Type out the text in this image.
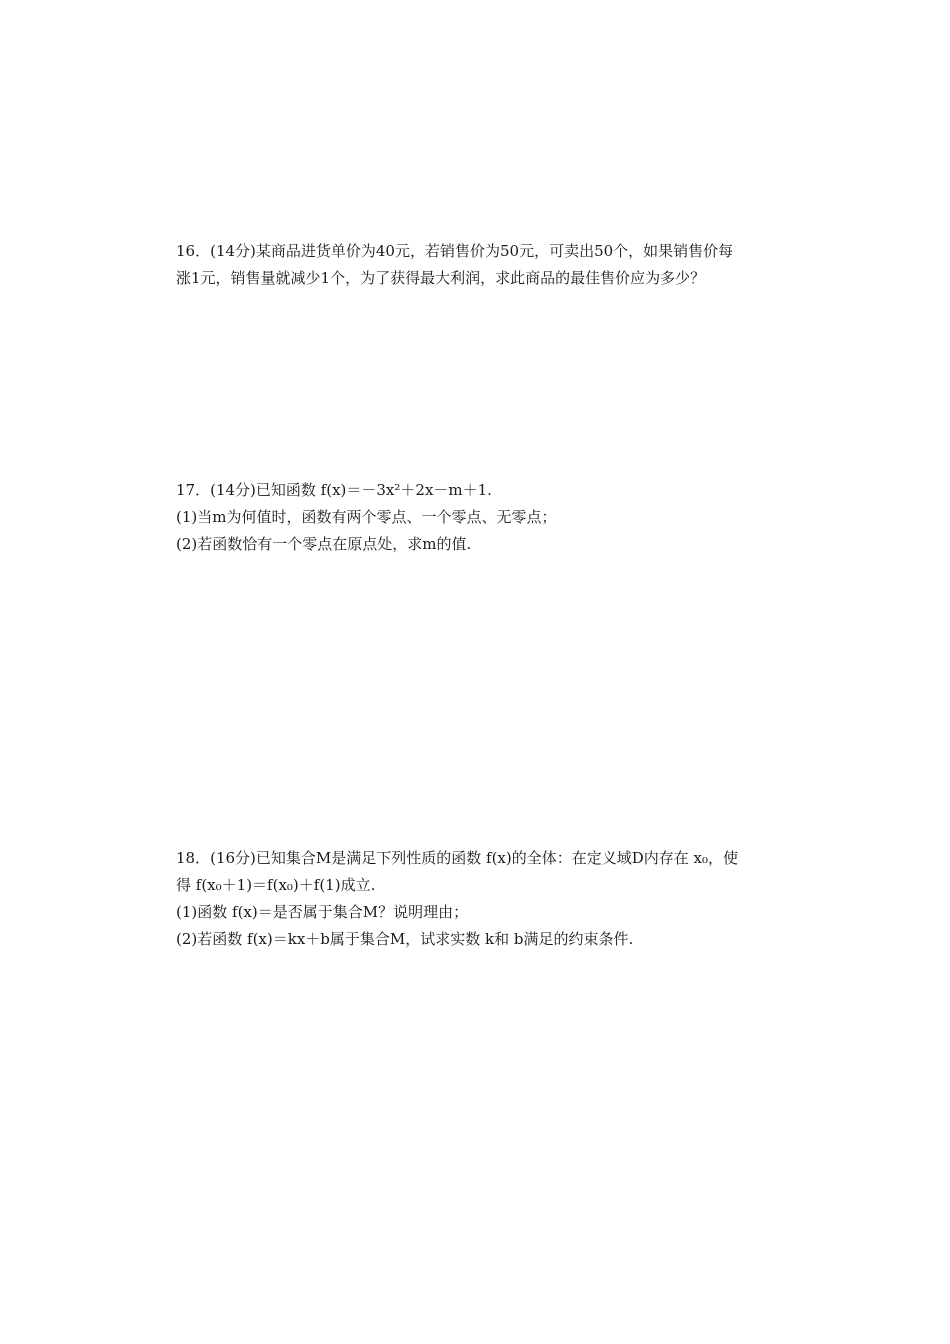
16．(14分)某商品进货单价为40元，若销售价为50元，可卖出50个，如果销售价每
涨1元，销售量就减少1个，为了获得最大利润，求此商品的最佳售价应为多少？
17．(14分)已知函数 f(x)＝－3x²＋2x－m＋1.
(1)当m为何值时，函数有两个零点、一个零点、无零点；
(2)若函数恰有一个零点在原点处，求m的值.
18．(16分)已知集合M是满足下列性质的函数 f(x)的全体：在定义域D内存在 x₀，使
得 f(x₀＋1)＝f(x₀)＋f(1)成立.
(1)函数 f(x)＝是否属于集合M？说明理由；
(2)若函数 f(x)＝kx＋b属于集合M，试求实数 k和 b满足的约束条件.
